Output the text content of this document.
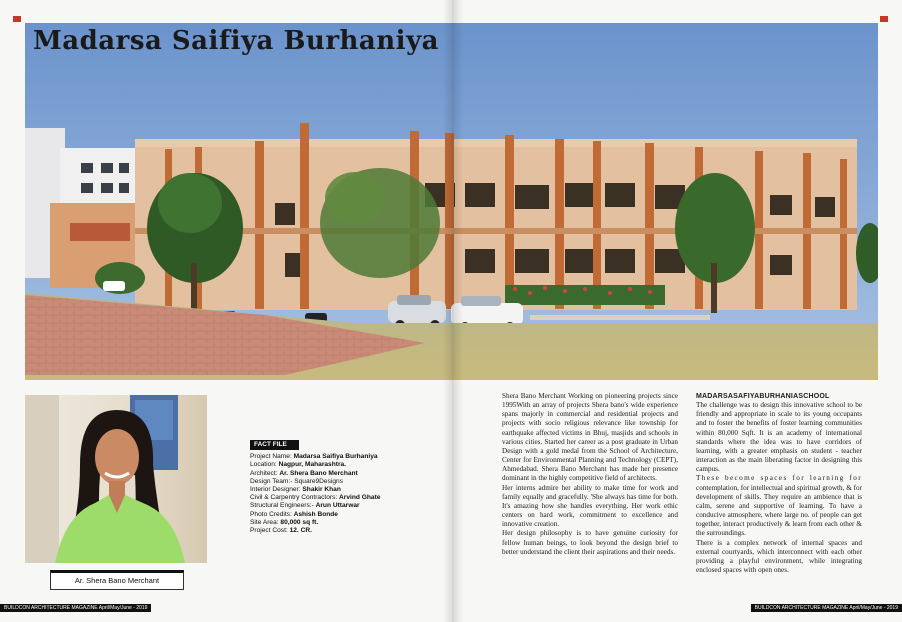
Madarsa Saifiya Burhaniya
Ar. Shera Bano Merchant
FACT FILE
Project Name: Madarsa Saifiya Burhaniya
Location: Nagpur, Maharashtra.
Architect: Ar. Shera Bano Merchant
Design Team:- Square9Designs
Interior Designer: Shakir Khan
Civil & Carpentry Contractors: Arvind Ghate
Structural Engineers:- Arun Uttarwar
Photo Credits: Ashish Bonde
Site Area: 80,000 sq ft.
Project Cost: 12. CR.

Shera Bano Merchant Working on pioneering projects since 1995With an array of projects Shera bano's wide experience spans majorly in commercial and residential projects and projects with socio religious relevance like township for earthquake affected victims in Bhuj, masjids and schools in various cities. Started her career as a post graduate in Urban Design with a gold medal from the School of Architecture, Center for Environmental Planning and Technology (CEPT), Ahmedabad. Shera Bano Merchant has made her presence dominant in the highly competitive field of architects.

Her interns admire her ability to make time for work and family equally and gracefully. 'She always has time for both. It's amazing how she handles everything. Her work ethic centers on hard work, commitment to excellence and innovative creation.

Her design philosophy is to have genuine curiosity for fellow human beings, to look beyond the design brief to better understand the client their aspirations and their needs.

MADARSASAFIYABURHANIASCHOOL

The challenge was to design this innovative school to be friendly and appropriate in scale to its young occupants and to foster the benefits of foster learning communities within 80,000 Sqft. It is an academy of international standards where the idea was to have corridors of learning, with a greater emphasis on student - teacher interaction as the main liberating factor in designing this campus.

These become spaces for learning for contemplation, for intellectual and spiritual growth, & for development of skills. They require an ambience that is calm, serene and supportive of learning. To have a conducive atmosphere, where large no. of people can get together, interact productively & learn from each other & the surroundings.

There is a complex network of internal spaces and external courtyards, which interconnect with each other providing a playful environment, while integrating enclosed spaces with open ones.

BUILDCON ARCHITECTURE MAGAZINE April/May/June - 2019	BUILDCON ARCHITECTURE MAGAZINE April/May/June - 2019
